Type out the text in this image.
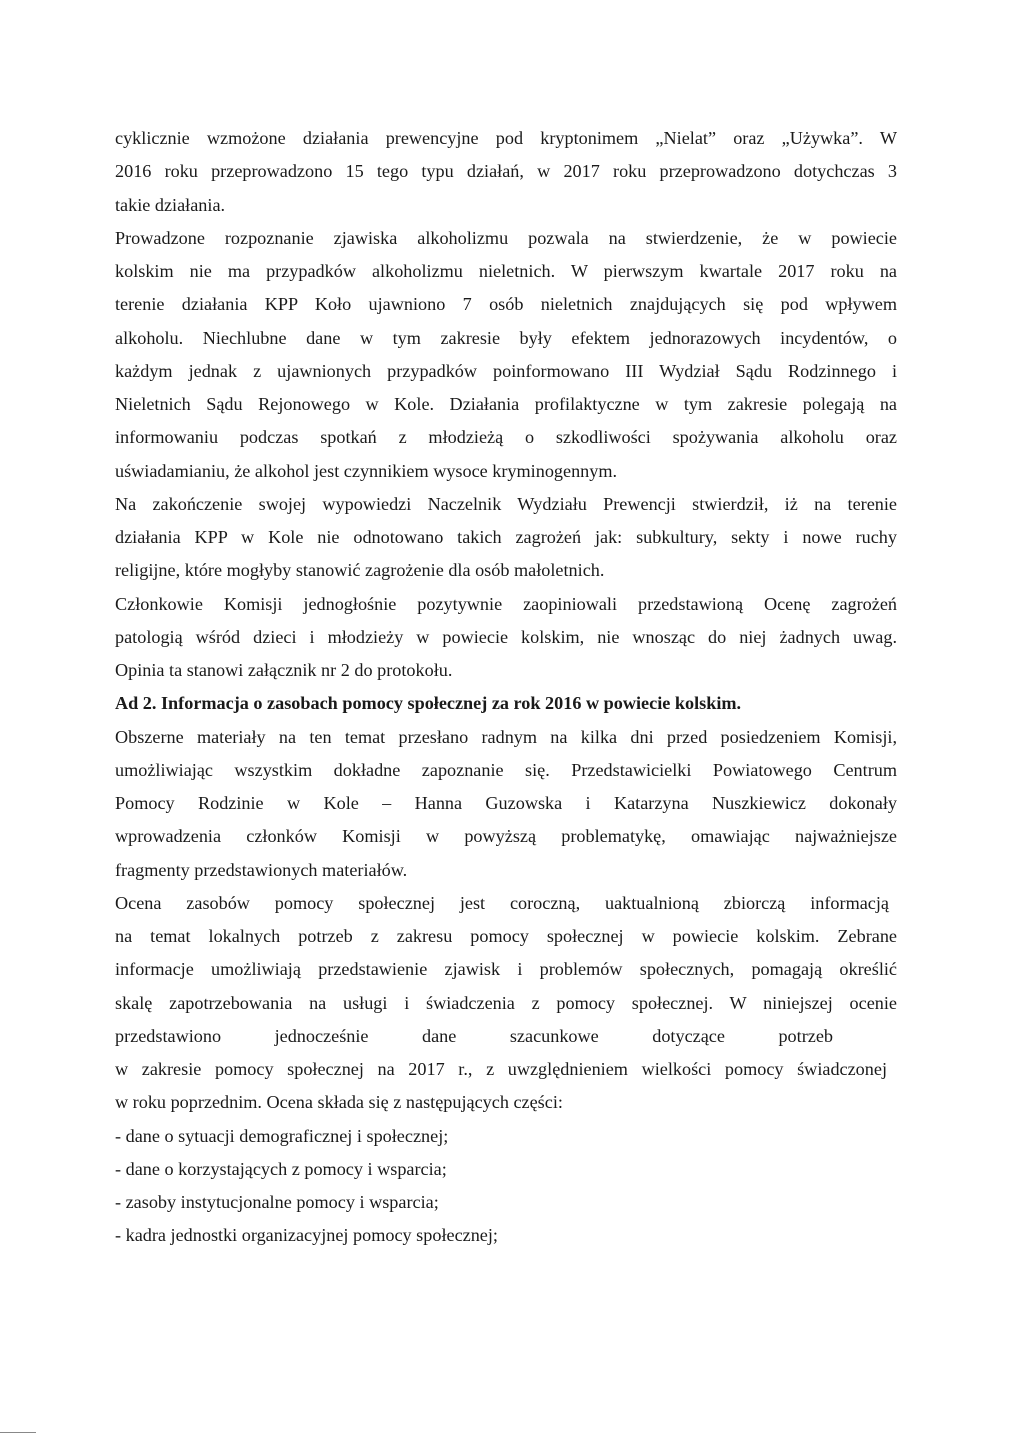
cyklicznie wzmożone działania prewencyjne pod kryptonimem „Nielat” oraz „Używka”. W
2016 roku przeprowadzono 15 tego typu działań, w 2017 roku przeprowadzono dotychczas 3
takie działania.
Prowadzone rozpoznanie zjawiska alkoholizmu pozwala na stwierdzenie, że w powiecie
kolskim nie ma przypadków alkoholizmu nieletnich. W pierwszym kwartale 2017 roku na
terenie działania KPP Koło ujawniono 7 osób nieletnich znajdujących się pod wpływem
alkoholu. Niechlubne dane w tym zakresie były efektem jednorazowych incydentów, o
każdym jednak z ujawnionych przypadków poinformowano III Wydział Sądu Rodzinnego i
Nieletnich Sądu Rejonowego w Kole. Działania profilaktyczne w tym zakresie polegają na
informowaniu podczas spotkań z młodzieżą o szkodliwości spożywania alkoholu oraz
uświadamianiu, że alkohol jest czynnikiem wysoce kryminogennym.
Na zakończenie swojej wypowiedzi Naczelnik Wydziału Prewencji stwierdził, iż na terenie
działania KPP w Kole nie odnotowano takich zagrożeń jak: subkultury, sekty i nowe ruchy
religijne, które mogłyby stanowić zagrożenie dla osób małoletnich.
Członkowie Komisji jednogłośnie pozytywnie zaopiniowali przedstawioną Ocenę zagrożeń
patologią wśród dzieci i młodzieży w powiecie kolskim, nie wnosząc do niej żadnych uwag.
Opinia ta stanowi załącznik nr 2 do protokołu.
Ad 2. Informacja o zasobach pomocy społecznej za rok 2016 w powiecie kolskim.
Obszerne materiały na ten temat przesłano radnym na kilka dni przed posiedzeniem Komisji,
umożliwiając wszystkim dokładne zapoznanie się. Przedstawicielki Powiatowego Centrum
Pomocy Rodzinie w Kole – Hanna Guzowska i Katarzyna Nuszkiewicz dokonały
wprowadzenia członków Komisji w powyższą problematykę, omawiając najważniejsze
fragmenty przedstawionych materiałów.
Ocena zasobów pomocy społecznej jest coroczną, uaktualnioną zbiorczą informacją
na temat lokalnych potrzeb z zakresu pomocy społecznej w powiecie kolskim. Zebrane
informacje umożliwiają przedstawienie zjawisk i problemów społecznych, pomagają określić
skalę zapotrzebowania na usługi i świadczenia z pomocy społecznej. W niniejszej ocenie
przedstawiono jednocześnie dane szacunkowe dotyczące potrzeb
w zakresie pomocy społecznej na 2017 r., z uwzględnieniem wielkości pomocy świadczonej
w roku poprzednim. Ocena składa się z następujących części:
- dane o sytuacji demograficznej i społecznej;
- dane o korzystających z pomocy i wsparcia;
- zasoby instytucjonalne pomocy i wsparcia;
- kadra jednostki organizacyjnej pomocy społecznej;
